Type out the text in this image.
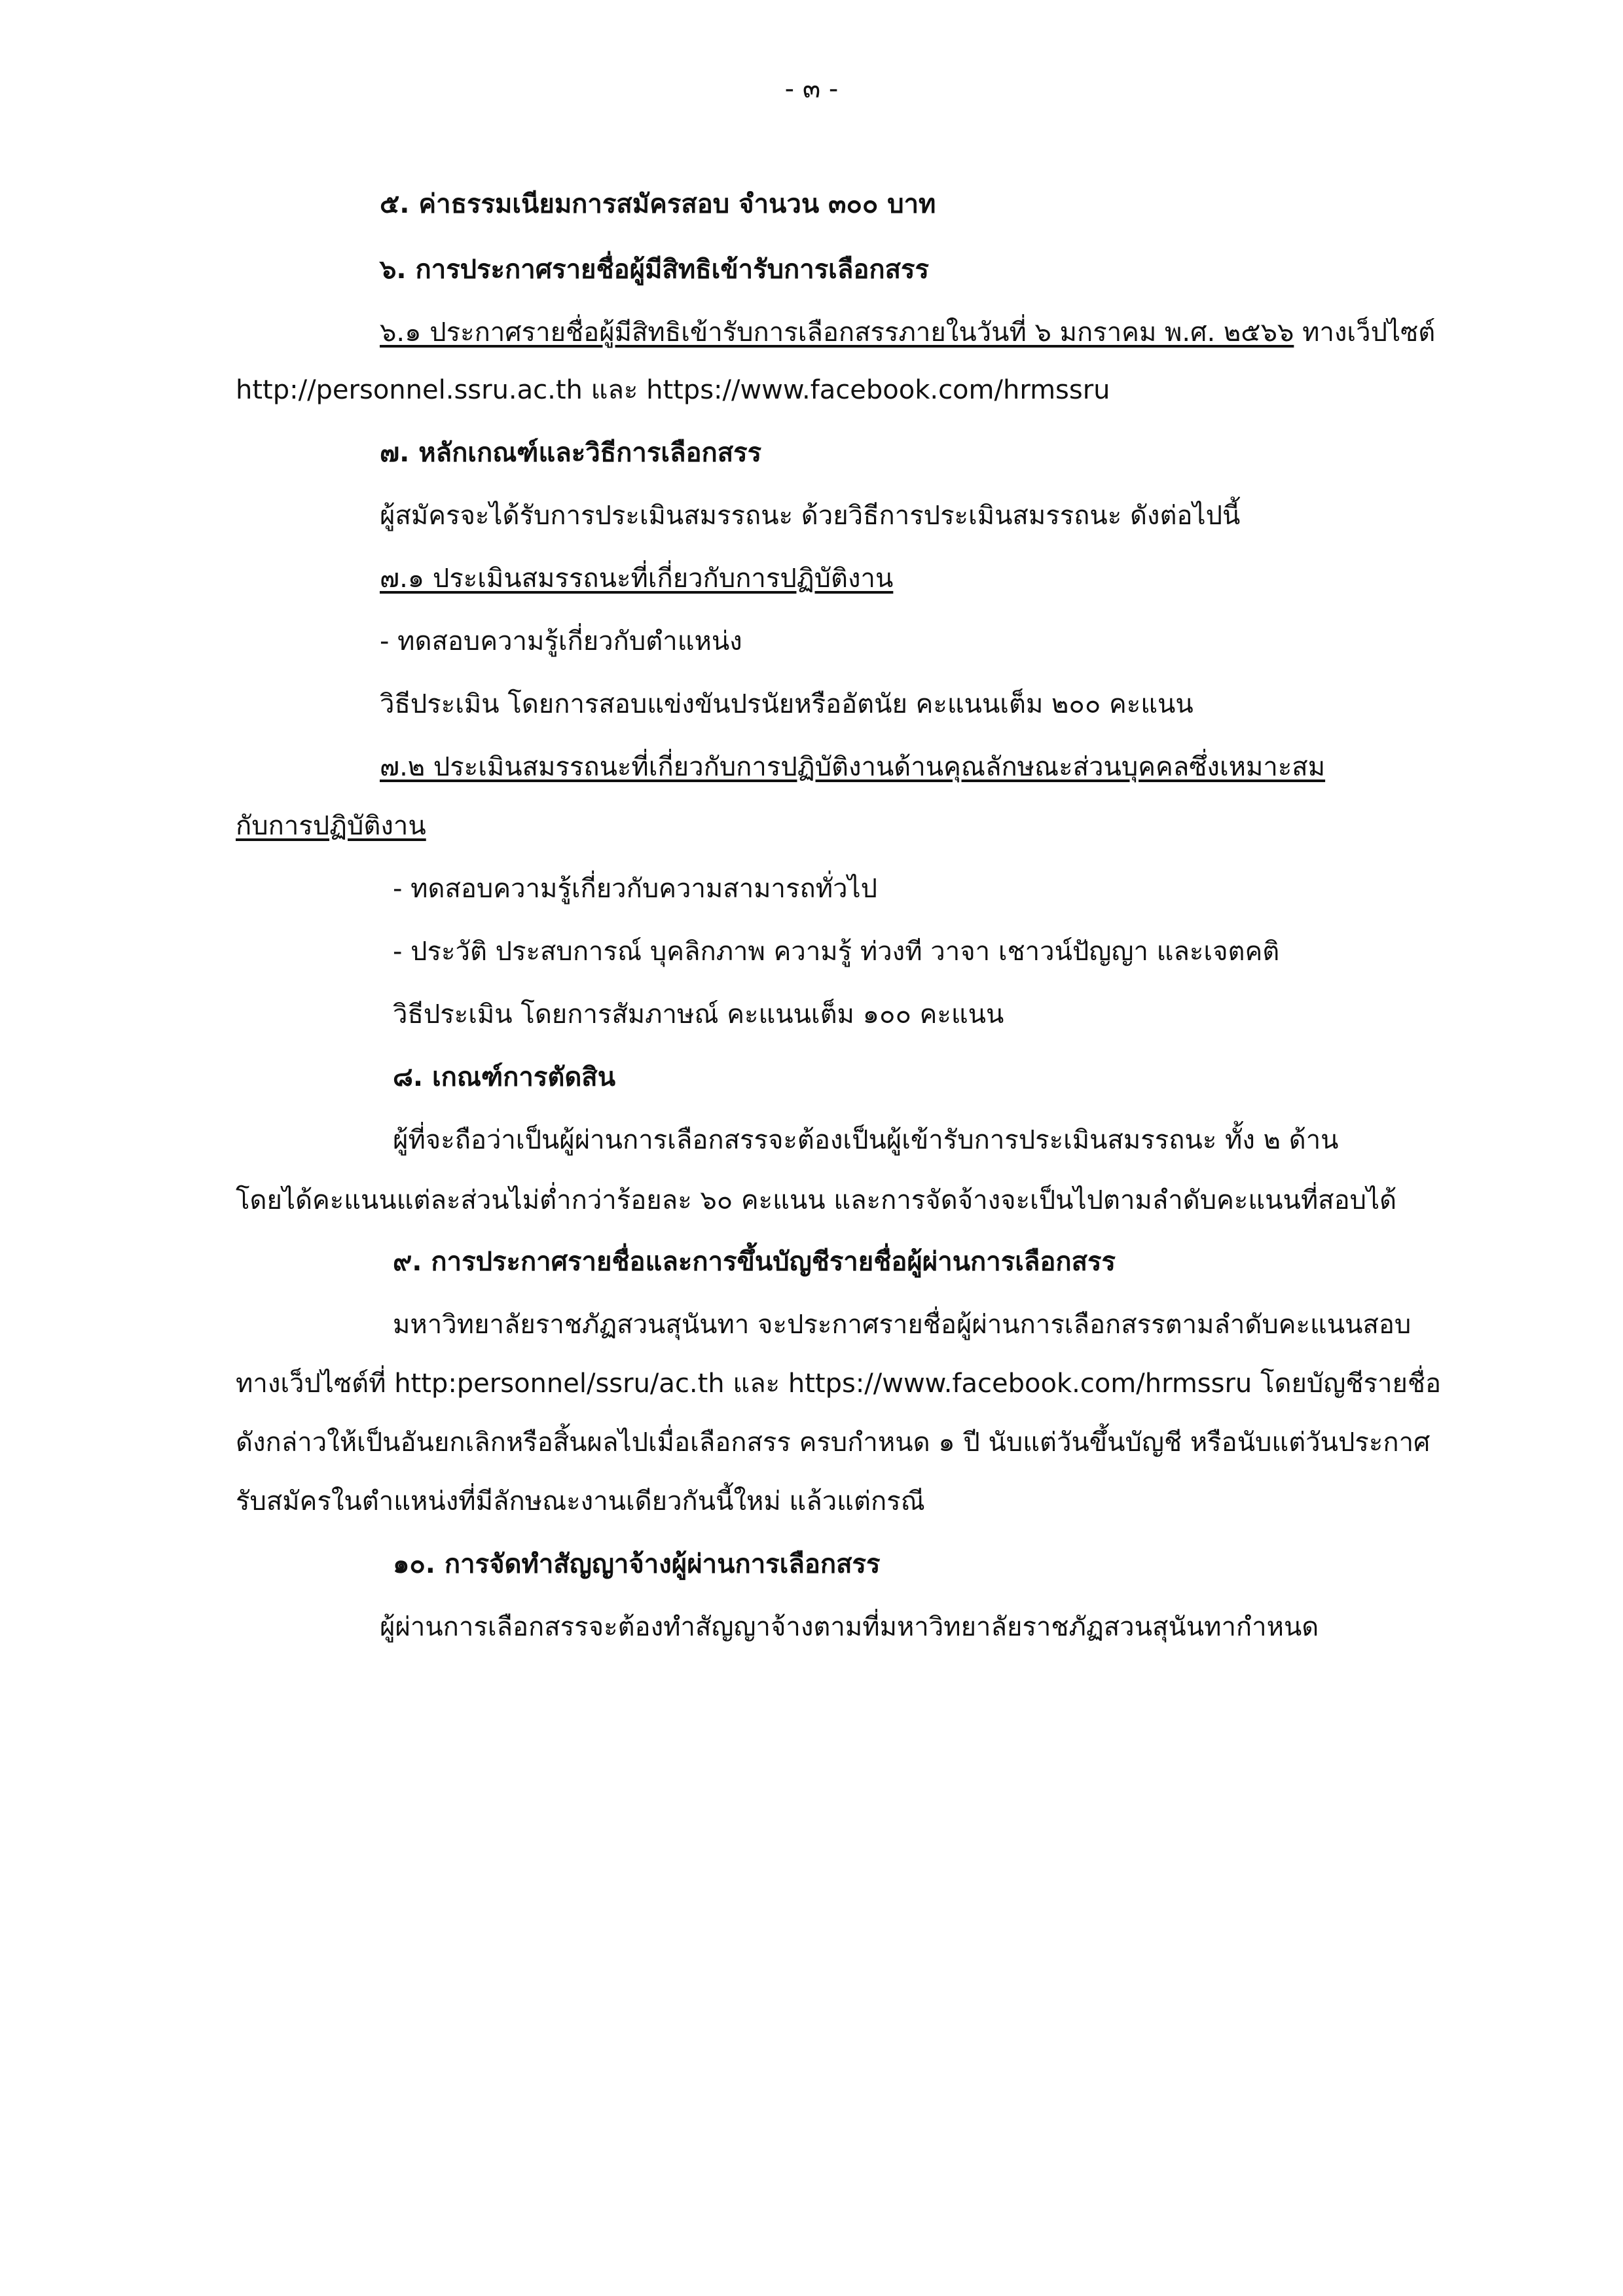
- ๓ -
๕. ค่าธรรมเนียมการสมัครสอบ จำนวน ๓๐๐ บาท
๖. การประกาศรายชื่อผู้มีสิทธิเข้ารับการเลือกสรร
๖.๑ ประกาศรายชื่อผู้มีสิทธิเข้ารับการเลือกสรรภายในวันที่ ๖ มกราคม พ.ศ. ๒๕๖๖ ทางเว็ปไซต์
http://personnel.ssru.ac.th และ https://www.facebook.com/hrmssru
๗. หลักเกณฑ์และวิธีการเลือกสรร
ผู้สมัครจะได้รับการประเมินสมรรถนะ ด้วยวิธีการประเมินสมรรถนะ ดังต่อไปนี้
๗.๑ ประเมินสมรรถนะที่เกี่ยวกับการปฏิบัติงาน
- ทดสอบความรู้เกี่ยวกับตำแหน่ง
วิธีประเมิน โดยการสอบแข่งขันปรนัยหรืออัตนัย คะแนนเต็ม ๒๐๐ คะแนน
๗.๒ ประเมินสมรรถนะที่เกี่ยวกับการปฏิบัติงานด้านคุณลักษณะส่วนบุคคลซึ่งเหมาะสม
กับการปฏิบัติงาน
- ทดสอบความรู้เกี่ยวกับความสามารถทั่วไป
- ประวัติ ประสบการณ์ บุคลิกภาพ ความรู้ ท่วงที วาจา เชาวน์ปัญญา และเจตคติ
วิธีประเมิน โดยการสัมภาษณ์ คะแนนเต็ม ๑๐๐ คะแนน
๘. เกณฑ์การตัดสิน
ผู้ที่จะถือว่าเป็นผู้ผ่านการเลือกสรรจะต้องเป็นผู้เข้ารับการประเมินสมรรถนะ ทั้ง ๒ ด้าน
โดยได้คะแนนแต่ละส่วนไม่ต่ำกว่าร้อยละ ๖๐ คะแนน และการจัดจ้างจะเป็นไปตามลำดับคะแนนที่สอบได้
๙. การประกาศรายชื่อและการขึ้นบัญชีรายชื่อผู้ผ่านการเลือกสรร
มหาวิทยาลัยราชภัฏสวนสุนันทา จะประกาศรายชื่อผู้ผ่านการเลือกสรรตามลำดับคะแนนสอบ
ทางเว็ปไซต์ที่ http:personnel/ssru/ac.th และ https://www.facebook.com/hrmssru โดยบัญชีรายชื่อ
ดังกล่าวให้เป็นอันยกเลิกหรือสิ้นผลไปเมื่อเลือกสรร ครบกำหนด ๑ ปี นับแต่วันขึ้นบัญชี หรือนับแต่วันประกาศ
รับสมัครในตำแหน่งที่มีลักษณะงานเดียวกันนี้ใหม่ แล้วแต่กรณี
๑๐. การจัดทำสัญญาจ้างผู้ผ่านการเลือกสรร
ผู้ผ่านการเลือกสรรจะต้องทำสัญญาจ้างตามที่มหาวิทยาลัยราชภัฏสวนสุนันทากำหนด
